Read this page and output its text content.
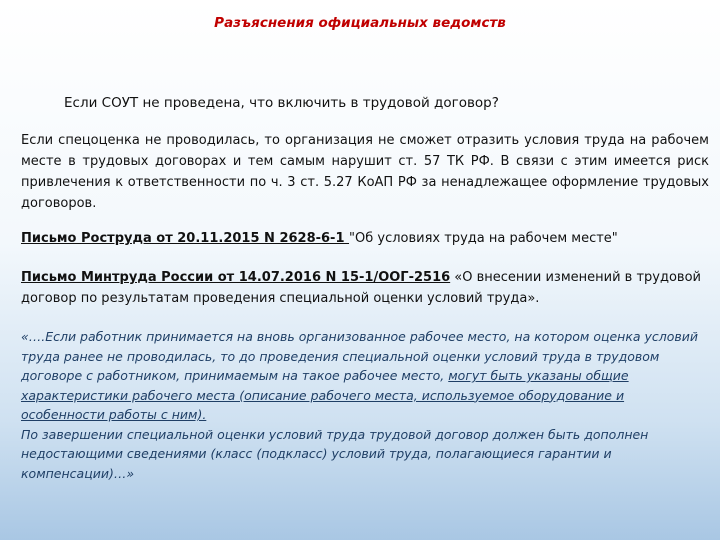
Разъяснения официальных ведомств
Если СОУТ не проведена, что включить в трудовой договор?

Если спецоценка не проводилась, то организация не сможет отразить условия труда на рабочем месте в трудовых договорах и тем самым нарушит ст. 57 ТК РФ. В связи с этим имеется риск привлечения к ответственности по ч. 3 ст. 5.27 КоАП РФ за ненадлежащее оформление трудовых договоров.

Письмо Роструда от 20.11.2015 N 2628-6-1 "Об условиях труда на рабочем месте"

Письмо Минтруда России от 14.07.2016 N 15-1/ООГ-2516 «О внесении изменений в трудовой договор по результатам проведения специальной оценки условий труда».

«….Если работник принимается на вновь организованное рабочее место, на котором оценка условий труда ранее не проводилась, то до проведения специальной оценки условий труда в трудовом договоре с работником, принимаемым на такое рабочее место, могут быть указаны общие характеристики рабочего места (описание рабочего места, используемое оборудование и особенности работы с ним).
По завершении специальной оценки условий труда трудовой договор должен быть дополнен недостающими сведениями (класс (подкласс) условий труда, полагающиеся гарантии и компенсации)…»
